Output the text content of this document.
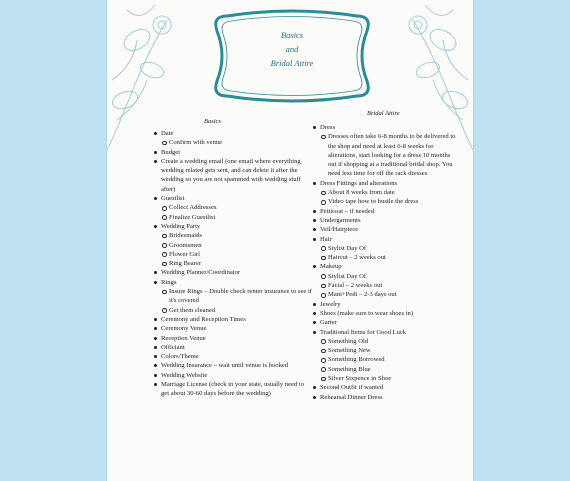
Basics
and
Bridal Attire
Basics
Bridal Attire
Date
Confirm with venue
Budget
Create a wedding email (one email where everything wedding related gets sent, and can delete it after the wedding so you are not spammed with wedding stuff after)
Guestlist
Collect Addresses
Finalize Guestlist
Wedding Party
Bridesmaids
Groomsmen
Flower Girl
Ring Bearer
Wedding Planner/Coordinator
Rings
Insure Rings – Double check renter insurance to see if it's covered
Get them cleaned
Ceremony and Reception Times
Ceremony Venue
Reception Venue
Officiant
Colors/Theme
Wedding Insurance – wait until venue is booked
Wedding Website
Marriage License (check in your state, usually need to get about 30-60 days before the wedding)
Dress
Dresses often take 6-8 months to be delivered to the shop and need at least 6-8 weeks for alterations, start looking for a dress 10 months out if shopping at a traditional bridal shop. You need less time for off the rack dresses
Dress Fittings and alterations
About 8 weeks from date
Video tape how to bustle the dress
Petticoat – if needed
Undergarments
Veil/Hairpiece
Hair
Stylist Day Of
Haircut – 2 weeks out
Makeup
Stylist Day Of
Facial – 2 weeks out
Mani+Pedi – 2-3 days out
Jewelry
Shoes (make sure to wear shoes in)
Garter
Traditional Items for Good Luck
Something Old
Something New
Something Borrowed
Something Blue
Silver Sixpence in Shoe
Second Outfit if wanted
Rehearsal Dinner Dress
